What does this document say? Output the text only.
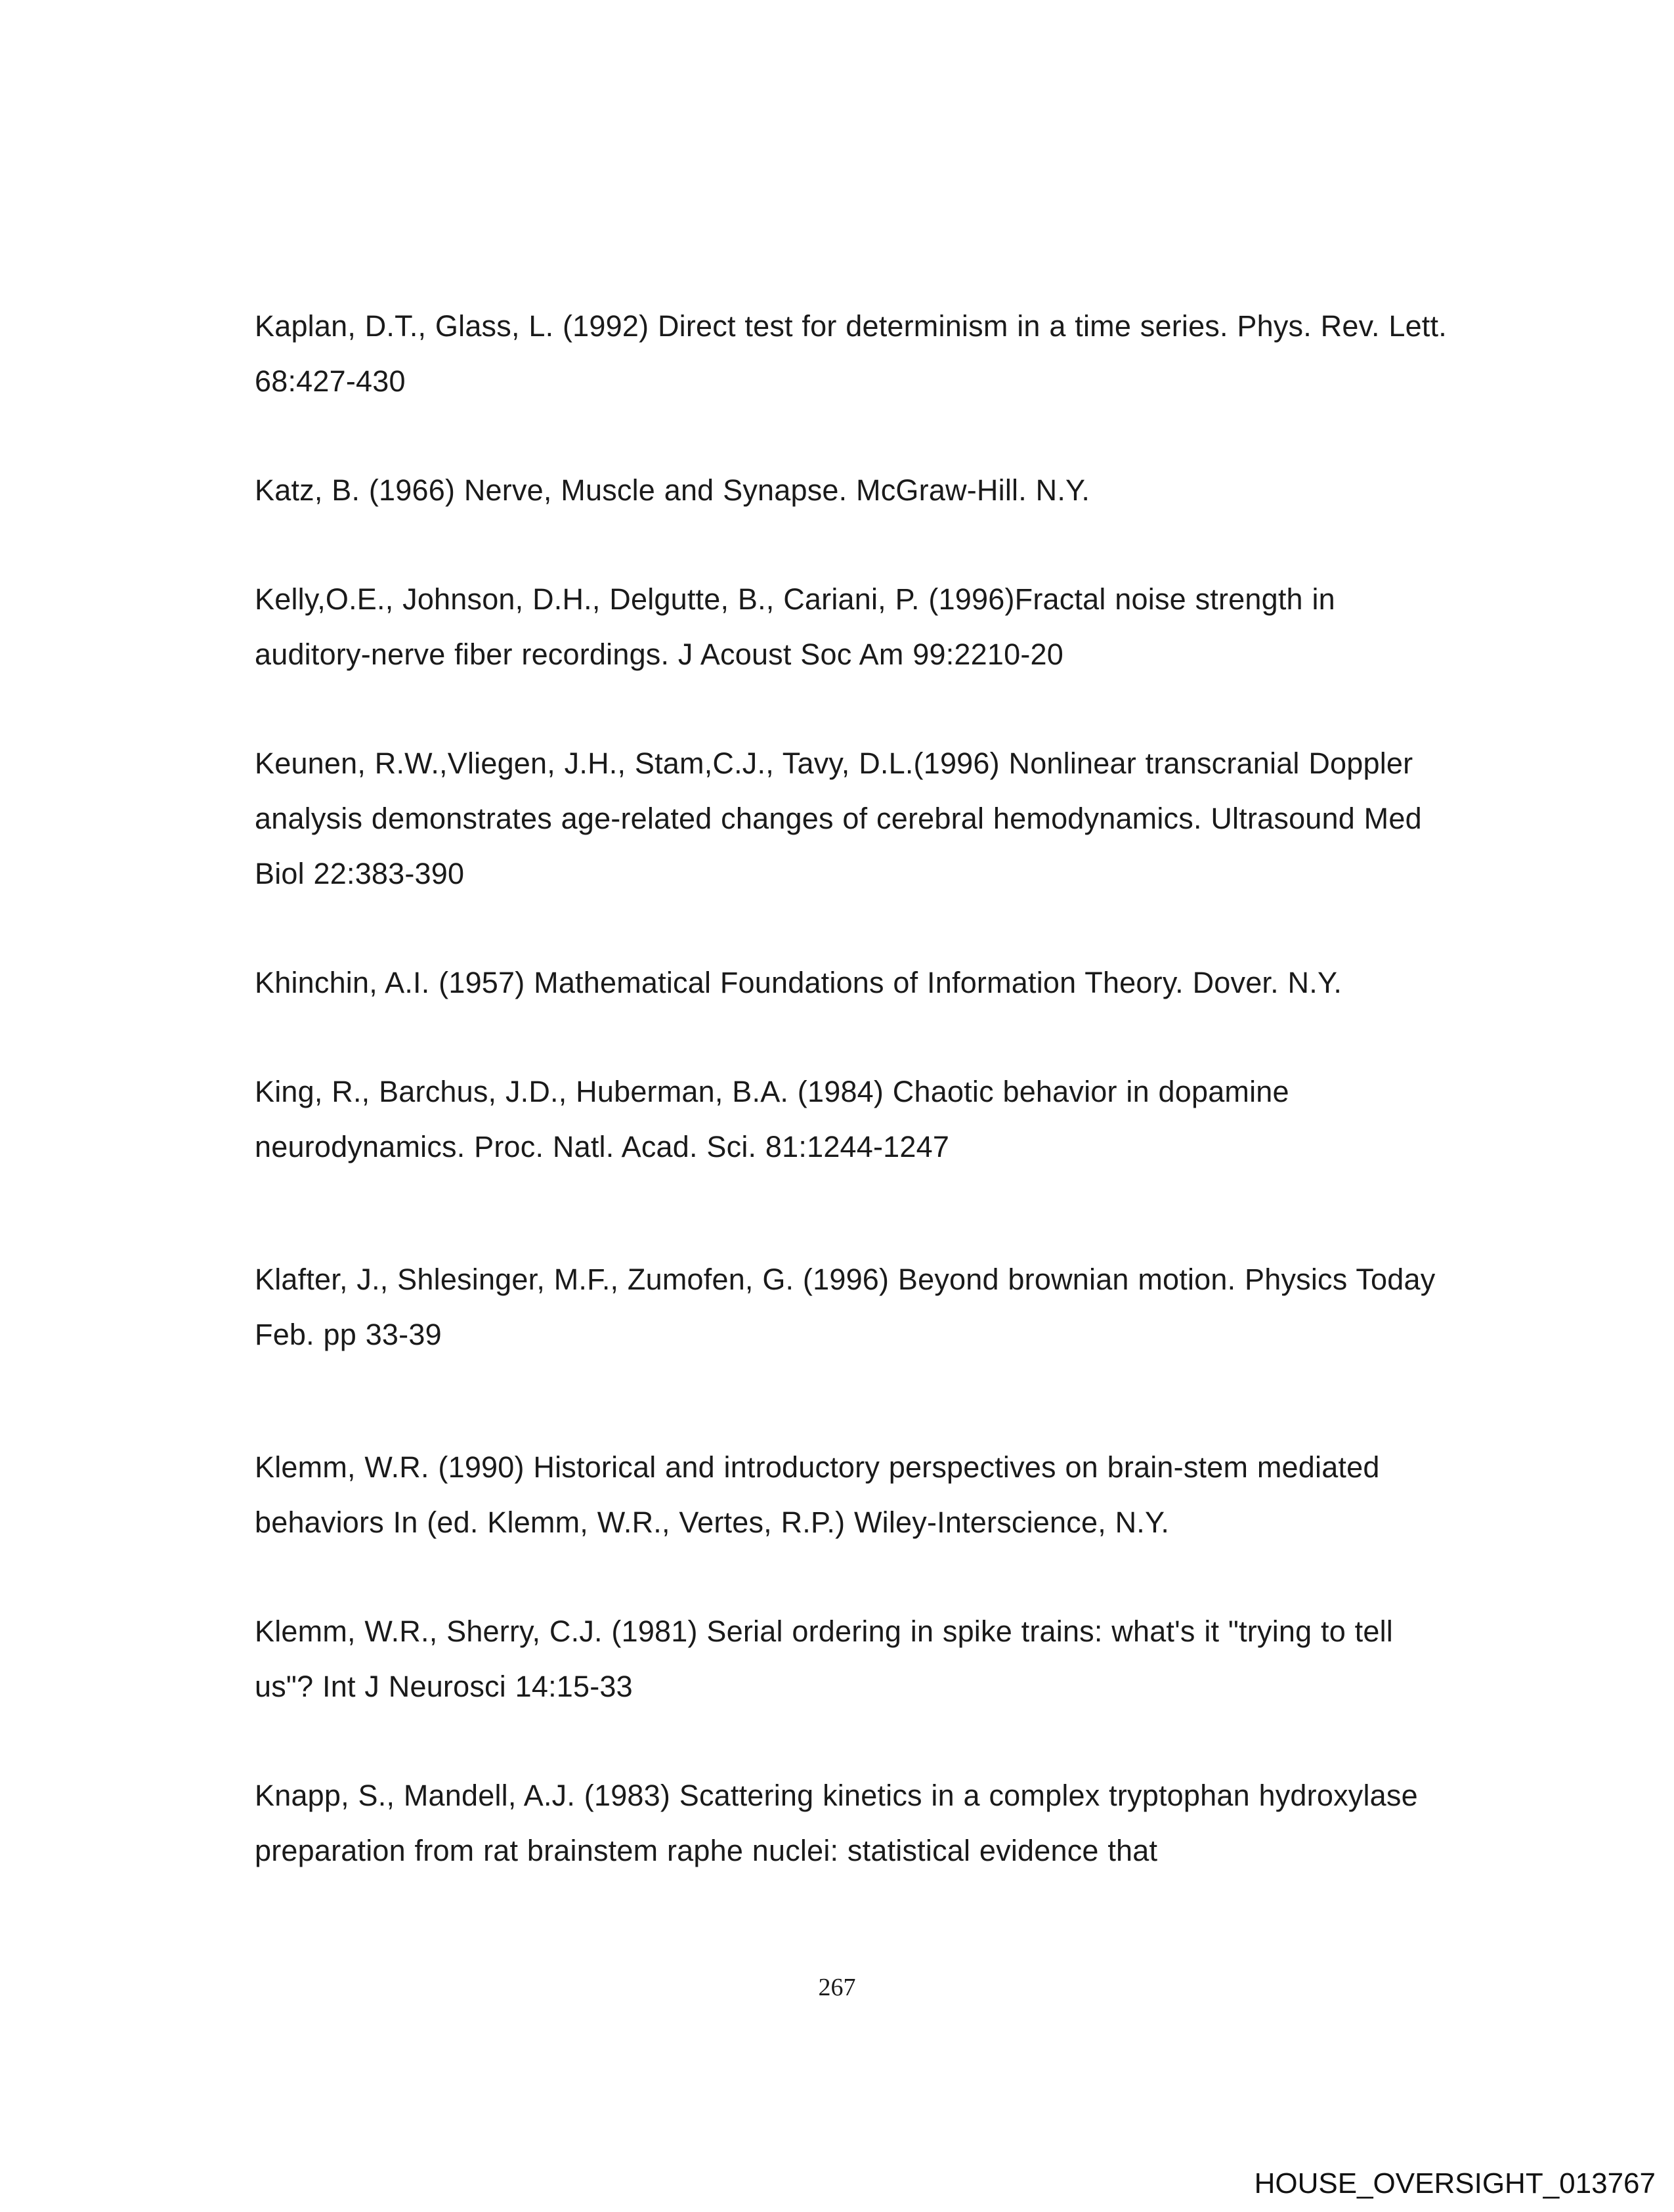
Kaplan, D.T., Glass, L. (1992) Direct test for determinism in a time series. Phys. Rev. Lett. 68:427-430

Katz, B. (1966) Nerve, Muscle and Synapse. McGraw-Hill. N.Y.

Kelly,O.E., Johnson, D.H., Delgutte, B., Cariani, P. (1996)Fractal noise strength in auditory-nerve fiber recordings. J Acoust Soc Am 99:2210-20

Keunen, R.W.,Vliegen, J.H., Stam,C.J., Tavy, D.L.(1996) Nonlinear transcranial Doppler analysis demonstrates age-related changes of cerebral hemodynamics. Ultrasound Med Biol 22:383-390

Khinchin, A.I. (1957) Mathematical Foundations of Information Theory. Dover. N.Y.

King, R., Barchus, J.D., Huberman, B.A. (1984) Chaotic behavior in dopamine neurodynamics. Proc. Natl. Acad. Sci. 81:1244-1247

Klafter, J., Shlesinger, M.F., Zumofen, G. (1996) Beyond brownian motion. Physics Today Feb. pp 33-39

Klemm, W.R. (1990) Historical and introductory perspectives on brain-stem mediated behaviors In (ed. Klemm, W.R., Vertes, R.P.) Wiley-Interscience, N.Y.

Klemm, W.R., Sherry, C.J. (1981) Serial ordering in spike trains: what's it "trying to tell us"? Int J Neurosci 14:15-33

Knapp, S., Mandell, A.J. (1983) Scattering kinetics in a complex tryptophan hydroxylase preparation from rat brainstem raphe nuclei: statistical evidence that

267
HOUSE_OVERSIGHT_013767
